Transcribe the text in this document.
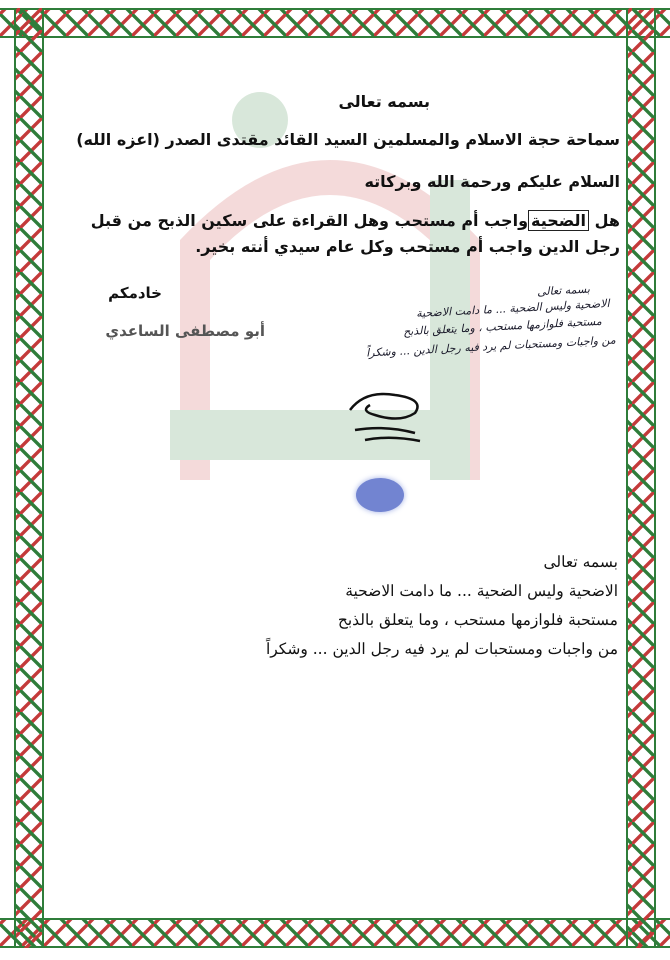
بسمه تعالى
سماحة حجة الاسلام والمسلمين السيد القائد مقتدى الصدر (اعزه الله)
السلام عليكم ورحمة الله وبركاته
هل الضحيةواجب أم مستحب وهل القراءة على سكين الذبح من قبل رجل الدين واجب أم مستحب وكل عام سيدي أنته بخير.
خادمكم
أبو مصطفى الساعدي
بسمه تعالى
الاضحية وليس الضحية ... ما دامت الاضحية
مستحبة فلوازمها مستحب ، وما يتعلق بالذبح
من واجبات ومستحبات لم يرد فيه رجل الدين ... وشكراً
بسمه تعالى
الاضحية وليس الضحية ... ما دامت الاضحية
مستحبة فلوازمها مستحب ، وما يتعلق بالذبح
من واجبات ومستحبات لم يرد فيه رجل الدين ... وشكراً
